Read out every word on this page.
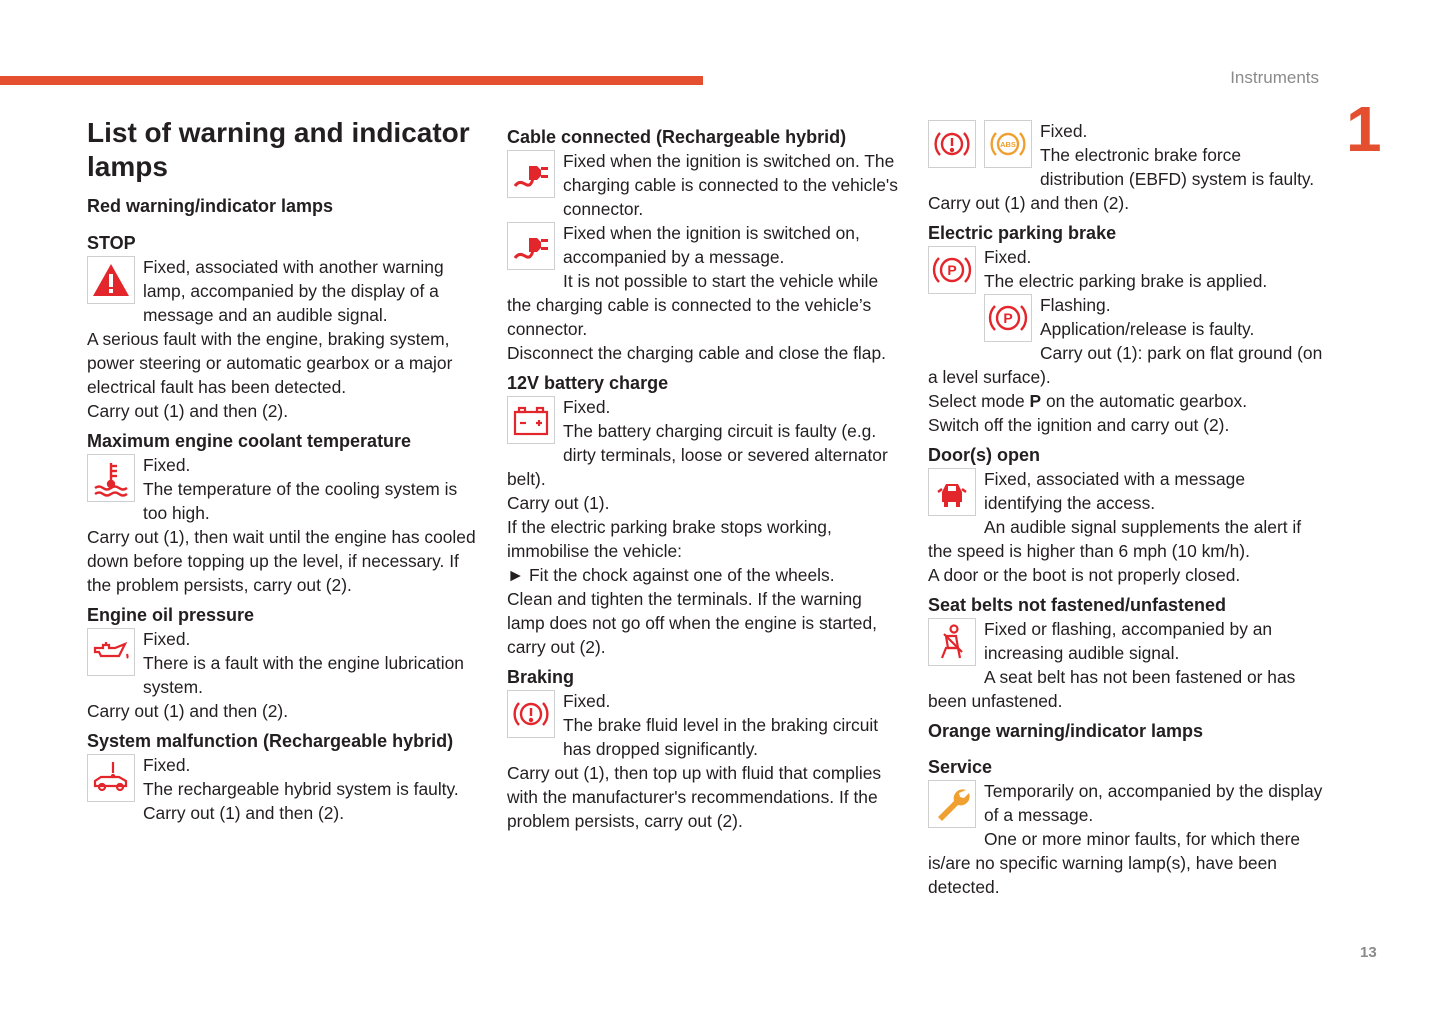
Instruments
1
13
List of warning and indicator lamps
Red warning/indicator lamps
STOP

Fixed, associated with another warning lamp, accompanied by the display of a message and an audible signal.

A serious fault with the engine, braking system, power steering or automatic gearbox or a major electrical fault has been detected.

Carry out (1) and then (2).

Maximum engine coolant temperature

Fixed.

The temperature of the cooling system is too high.

Carry out (1), then wait until the engine has cooled down before topping up the level, if necessary. If the problem persists, carry out (2).

Engine oil pressure

Fixed.

There is a fault with the engine lubrication system.

Carry out (1) and then (2).

System malfunction (Rechargeable hybrid)

Fixed.

The rechargeable hybrid system is faulty.

Carry out (1) and then (2).

Cable connected (Rechargeable hybrid)

Fixed when the ignition is switched on. The charging cable is connected to the vehicle's connector.

Fixed when the ignition is switched on, accompanied by a message.

It is not possible to start the vehicle while the charging cable is connected to the vehicle’s connector.

Disconnect the charging cable and close the flap.

12V battery charge

Fixed.

The battery charging circuit is faulty (e.g. dirty terminals, loose or severed alternator belt).

Carry out (1).

If the electric parking brake stops working, immobilise the vehicle:

► Fit the chock against one of the wheels.

Clean and tighten the terminals. If the warning lamp does not go off when the engine is started, carry out (2).

Braking

Fixed.

The brake fluid level in the braking circuit has dropped significantly.

Carry out (1), then top up with fluid that complies with the manufacturer's recommendations. If the problem persists, carry out (2).

ABS

Fixed.

The electronic brake force distribution (EBFD) system is faulty.

Carry out (1) and then (2).

Electric parking brake
P

Fixed.

The electric parking brake is applied.

P

Flashing.

Application/release is faulty.

Carry out (1): park on flat ground (on a level surface).

Select mode P on the automatic gearbox.

Switch off the ignition and carry out (2).

Door(s) open

Fixed, associated with a message identifying the access.

An audible signal supplements the alert if the speed is higher than 6 mph (10 km/h).

A door or the boot is not properly closed.

Seat belts not fastened/unfastened

Fixed or flashing, accompanied by an increasing audible signal.

A seat belt has not been fastened or has been unfastened.

Orange warning/indicator lamps
Service

Temporarily on, accompanied by the display of a message.

One or more minor faults, for which there is/are no specific warning lamp(s), have been detected.
